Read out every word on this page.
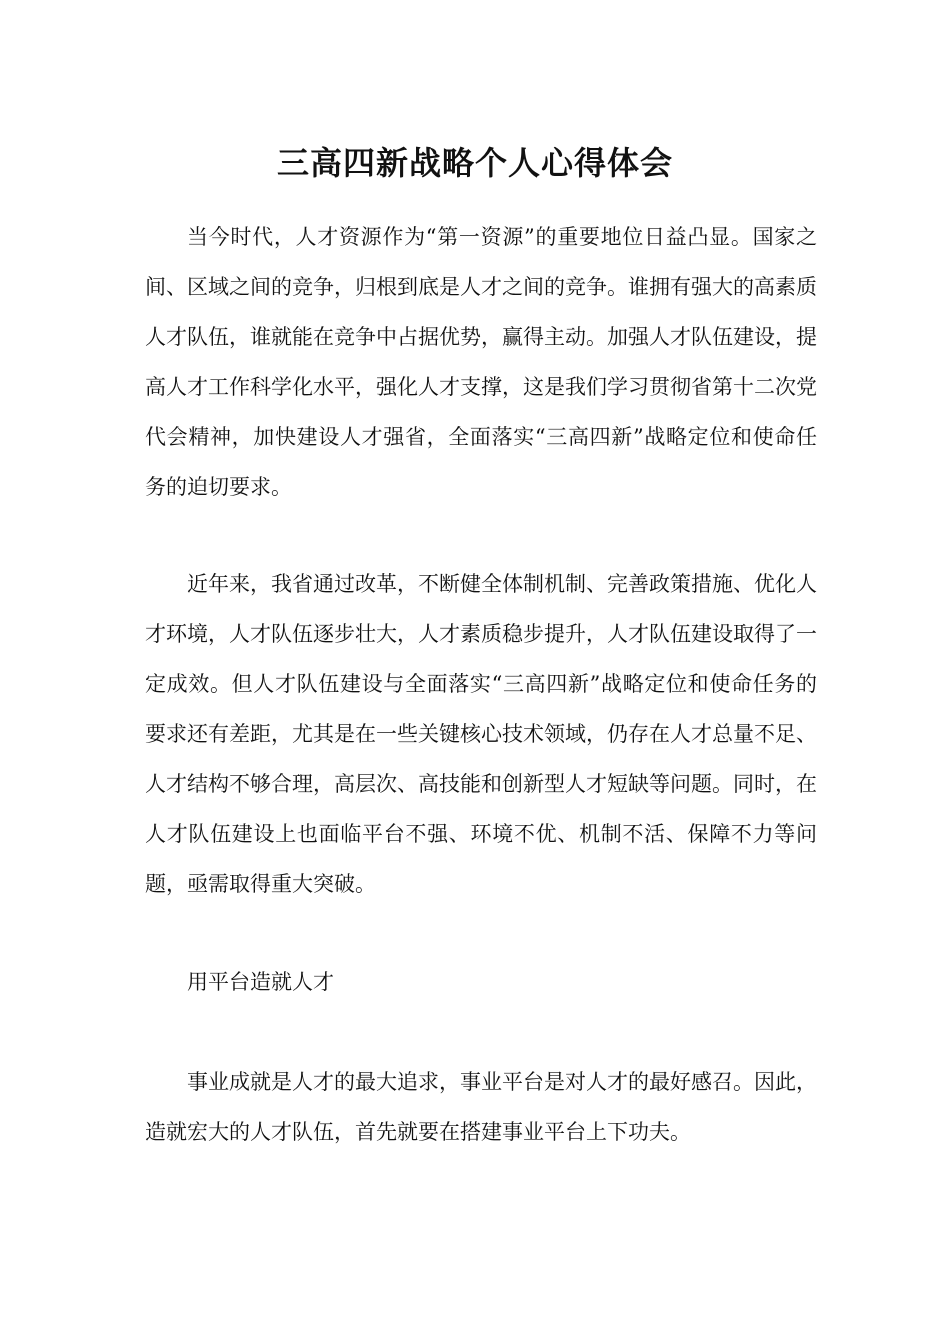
三高四新战略个人心得体会

当今时代，人才资源作为“第一资源”的重要地位日益凸显。国家之间、区域之间的竞争，归根到底是人才之间的竞争。谁拥有强大的高素质人才队伍，谁就能在竞争中占据优势，赢得主动。加强人才队伍建设，提高人才工作科学化水平，强化人才支撑，这是我们学习贯彻省第十二次党代会精神，加快建设人才强省，全面落实“三高四新”战略定位和使命任务的迫切要求。

近年来，我省通过改革，不断健全体制机制、完善政策措施、优化人才环境，人才队伍逐步壮大，人才素质稳步提升，人才队伍建设取得了一定成效。但人才队伍建设与全面落实“三高四新”战略定位和使命任务的要求还有差距，尤其是在一些关键核心技术领域，仍存在人才总量不足、人才结构不够合理，高层次、高技能和创新型人才短缺等问题。同时，在人才队伍建设上也面临平台不强、环境不优、机制不活、保障不力等问题，亟需取得重大突破。

用平台造就人才

事业成就是人才的最大追求，事业平台是对人才的最好感召。因此，造就宏大的人才队伍，首先就要在搭建事业平台上下功夫。
